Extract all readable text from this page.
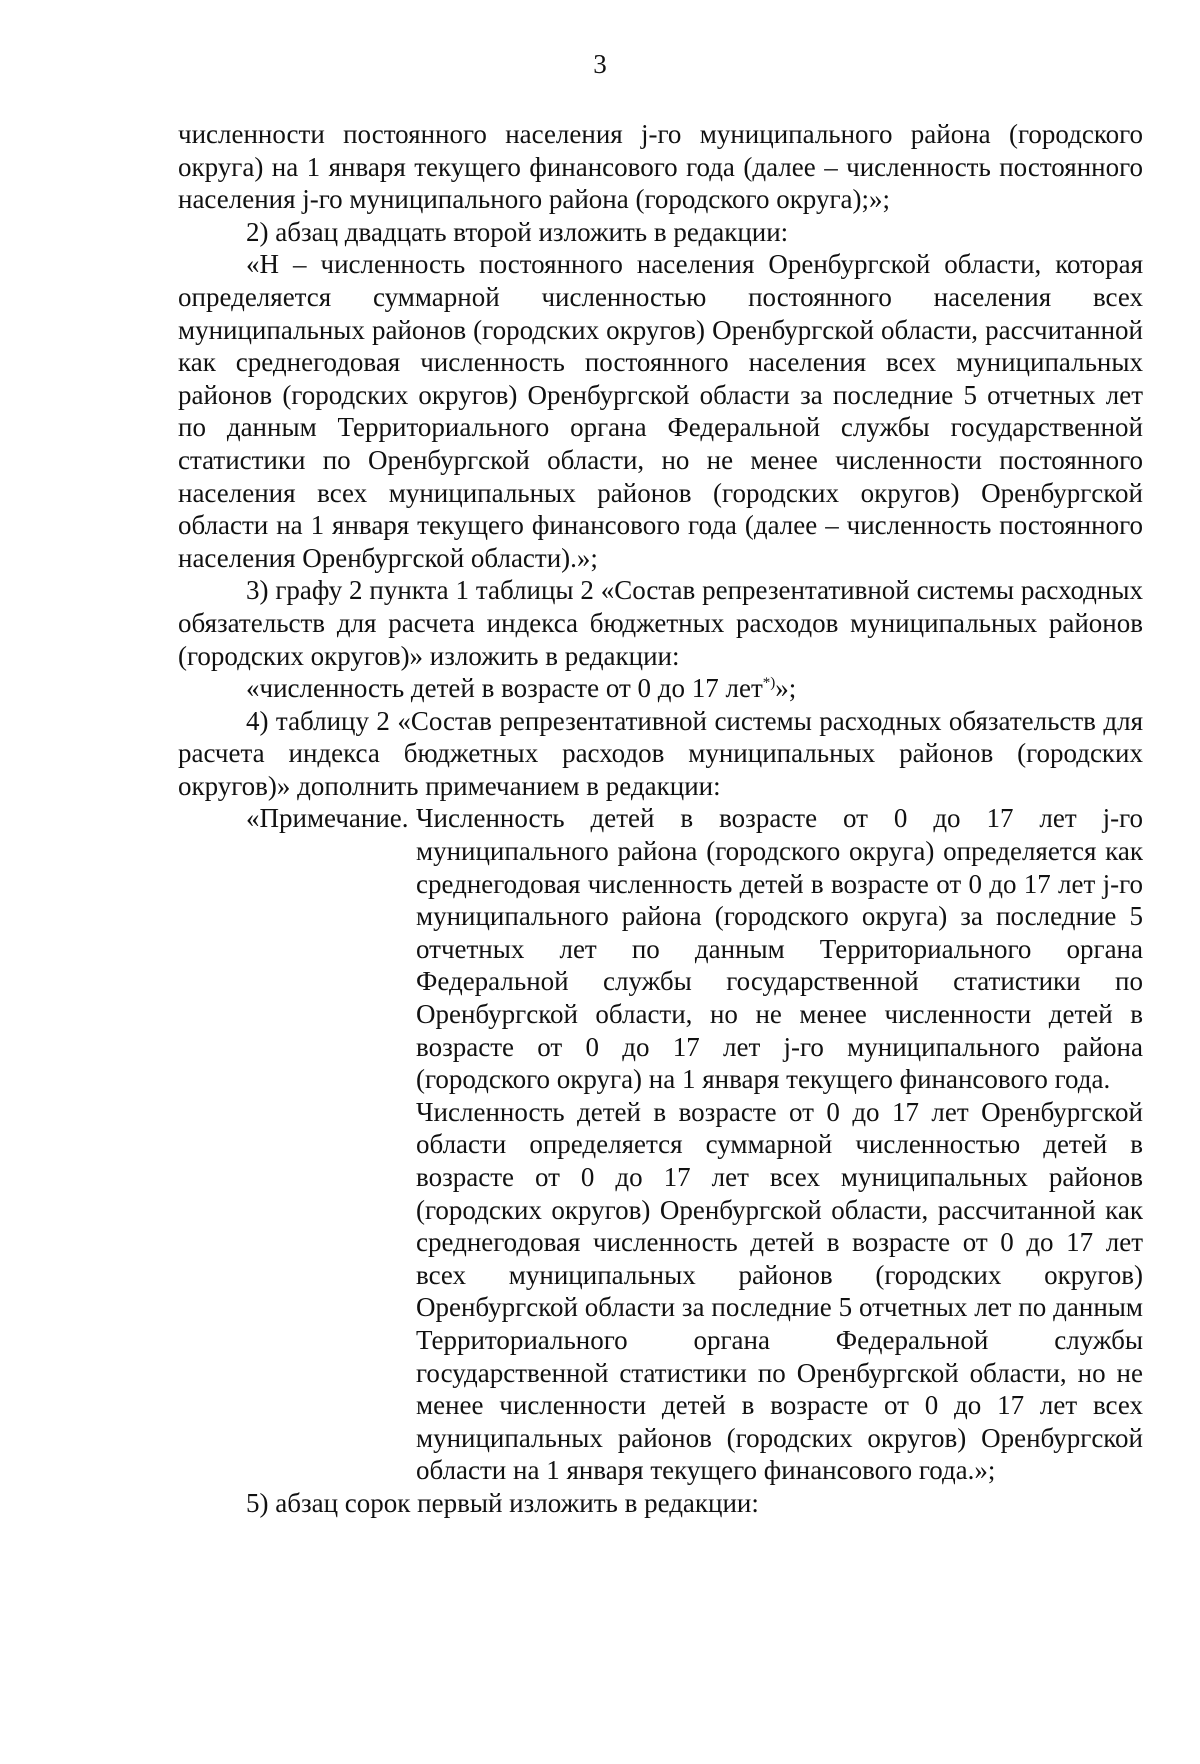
3

численности постоянного населения j-го муниципального района (городского округа) на 1 января текущего финансового года (далее – численность постоянного населения j-го муниципального района (городского округа);»;

2) абзац двадцать второй изложить в редакции:

«Н – численность постоянного населения Оренбургской области, которая определяется суммарной численностью постоянного населения всех муниципальных районов (городских округов) Оренбургской области, рассчитанной как среднегодовая численность постоянного населения всех муниципальных районов (городских округов) Оренбургской области за последние 5 отчетных лет по данным Территориального органа Федеральной службы государственной статистики по Оренбургской области, но не менее численности постоянного населения всех муниципальных районов (городских округов) Оренбургской области на 1 января текущего финансового года (далее – численность постоянного населения Оренбургской области).»;

3) графу 2 пункта 1 таблицы 2 «Состав репрезентативной системы расходных обязательств для расчета индекса бюджетных расходов муниципальных районов (городских округов)» изложить в редакции:

«численность детей в возрасте от 0 до 17 лет*)»;

4) таблицу 2 «Состав репрезентативной системы расходных обязательств для расчета индекса бюджетных расходов муниципальных районов (городских округов)» дополнить примечанием в редакции:

«Примечание. Численность детей в возрасте от 0 до 17 лет j-го муниципального района (городского округа) определяется как среднегодовая численность детей в возрасте от 0 до 17 лет j-го муниципального района (городского округа) за последние 5 отчетных лет по данным Территориального органа Федеральной службы государственной статистики по Оренбургской области, но не менее численности детей в возрасте от 0 до 17 лет j-го муниципального района (городского округа) на 1 января текущего финансового года.

Численность детей в возрасте от 0 до 17 лет Оренбургской области определяется суммарной численностью детей в возрасте от 0 до 17 лет всех муниципальных районов (городских округов) Оренбургской области, рассчитанной как среднегодовая численность детей в возрасте от 0 до 17 лет всех муниципальных районов (городских округов) Оренбургской области за последние 5 отчетных лет по данным Территориального органа Федеральной службы государственной статистики по Оренбургской области, но не менее численности детей в возрасте от 0 до 17 лет всех муниципальных районов (городских округов) Оренбургской области на 1 января текущего финансового года.»;

5) абзац сорок первый изложить в редакции:
